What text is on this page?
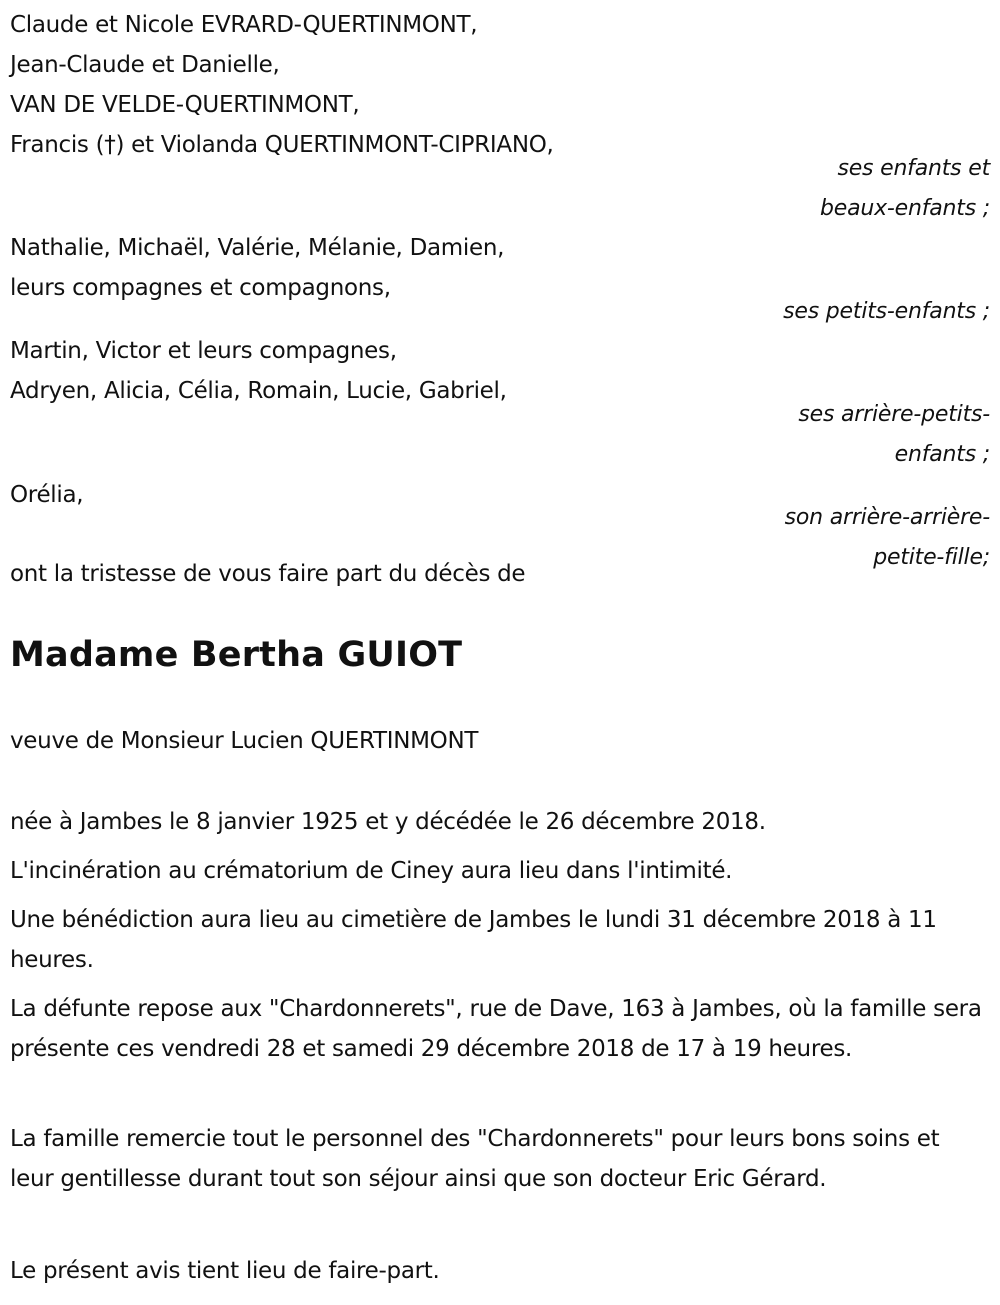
Claude et Nicole EVRARD-QUERTINMONT,
Jean-Claude et Danielle,
VAN DE VELDE-QUERTINMONT,
Francis (†) et Violanda QUERTINMONT-CIPRIANO,
ses enfants et
beaux-enfants ;
Nathalie, Michaël, Valérie, Mélanie, Damien,
leurs compagnes et compagnons,
ses petits-enfants ;
Martin, Victor et leurs compagnes,
Adryen, Alicia, Célia, Romain, Lucie, Gabriel,
ses arrière-petits-
enfants ;
Orélia,
son arrière-arrière-
petite-fille;
ont la tristesse de vous faire part du décès de
Madame Bertha GUIOT
veuve de Monsieur Lucien QUERTINMONT
née à Jambes le 8 janvier 1925 et y décédée le 26 décembre 2018.
L'incinération au crématorium de Ciney aura lieu dans l'intimité.
Une bénédiction aura lieu au cimetière de Jambes le lundi 31 décembre 2018 à 11 heures.
La défunte repose aux "Chardonnerets", rue de Dave, 163 à Jambes, où la famille sera présente ces vendredi 28 et samedi 29 décembre 2018 de 17 à 19 heures.
La famille remercie tout le personnel des "Chardonnerets" pour leurs bons soins et leur gentillesse durant tout son séjour ainsi que son docteur Eric Gérard.
Le présent avis tient lieu de faire-part.
